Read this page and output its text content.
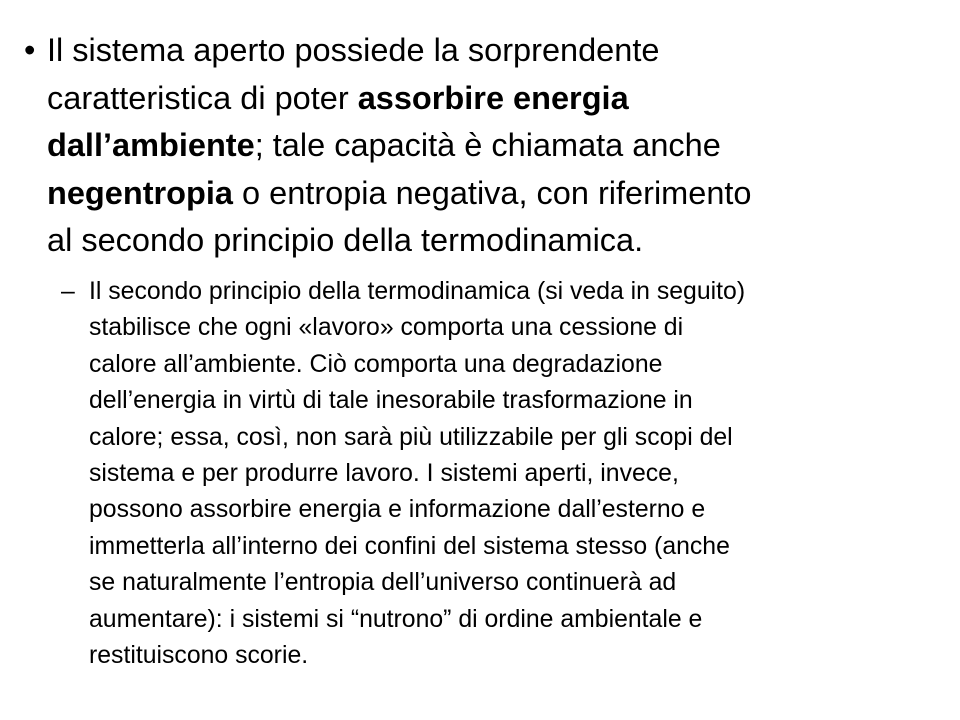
• Il sistema aperto possiede la sorprendente
caratteristica di poter assorbire energia
dall’ambiente; tale capacità è chiamata anche
negentropia o entropia negativa, con riferimento
al secondo principio della termodinamica.
– Il secondo principio della termodinamica (si veda in seguito)
stabilisce che ogni «lavoro» comporta una cessione di
calore all’ambiente. Ciò comporta una degradazione
dell’energia in virtù di tale inesorabile trasformazione in
calore; essa, così, non sarà più utilizzabile per gli scopi del
sistema e per produrre lavoro. I sistemi aperti, invece,
possono assorbire energia e informazione dall’esterno e
immetterla all’interno dei confini del sistema stesso (anche
se naturalmente l’entropia dell’universo continuerà ad
aumentare): i sistemi si “nutrono” di ordine ambientale e
restituiscono scorie.
